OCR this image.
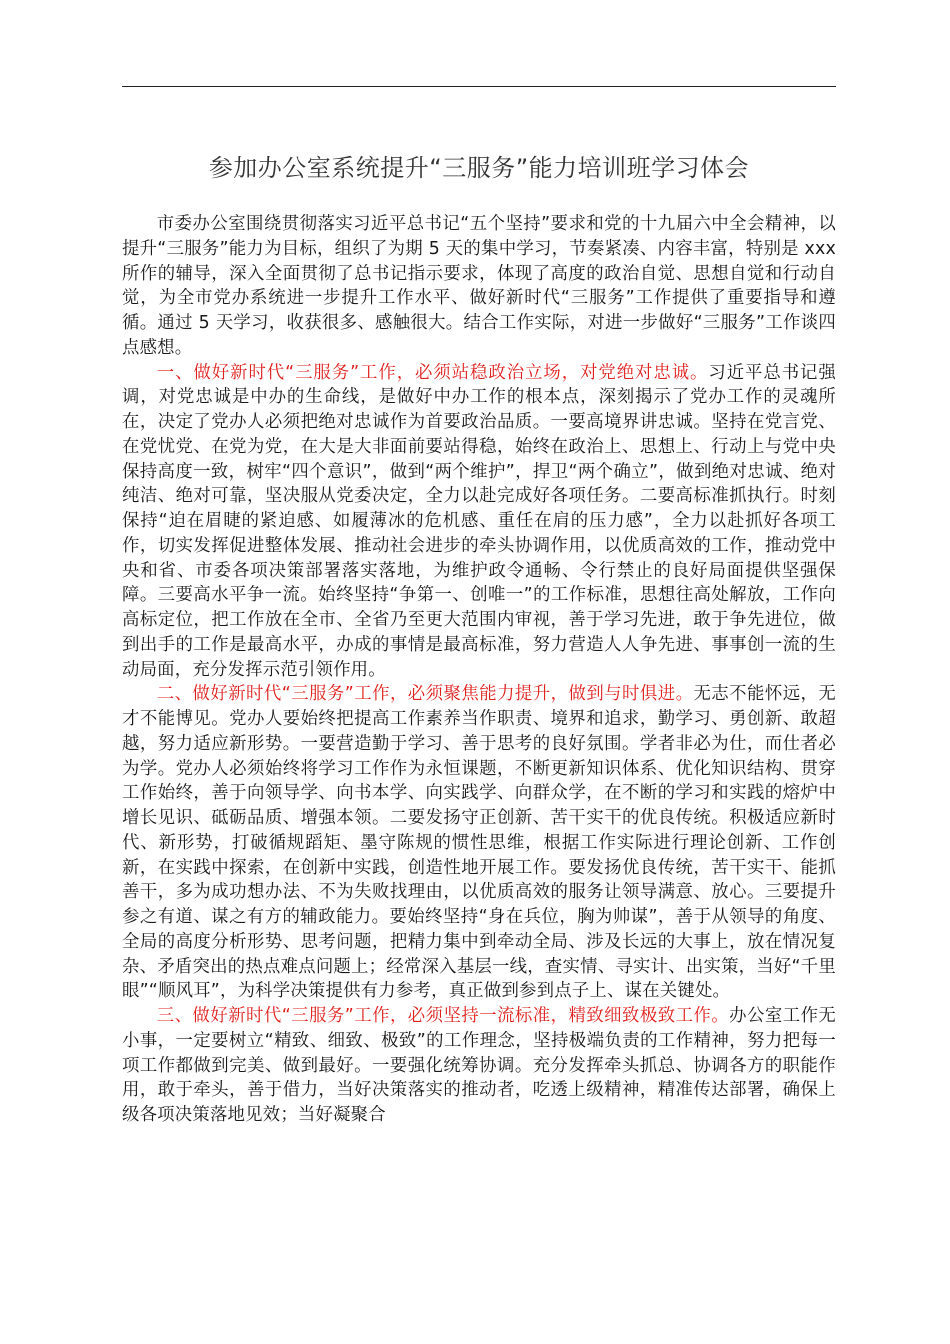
参加办公室系统提升“三服务”能力培训班学习体会

市委办公室围绕贯彻落实习近平总书记“五个坚持”要求和党的十九届六中全会精神，以提升“三服务”能力为目标，组织了为期 5 天的集中学习，节奏紧凑、内容丰富，特别是 xxx 所作的辅导，深入全面贯彻了总书记指示要求，体现了高度的政治自觉、思想自觉和行动自觉，为全市党办系统进一步提升工作水平、做好新时代“三服务”工作提供了重要指导和遵循。通过 5 天学习，收获很多、感触很大。结合工作实际，对进一步做好“三服务”工作谈四点感想。

一、做好新时代“三服务”工作，必须站稳政治立场，对党绝对忠诚。习近平总书记强调，对党忠诚是中办的生命线，是做好中办工作的根本点，深刻揭示了党办工作的灵魂所在，决定了党办人必须把绝对忠诚作为首要政治品质。一要高境界讲忠诚。坚持在党言党、在党忧党、在党为党，在大是大非面前要站得稳，始终在政治上、思想上、行动上与党中央保持高度一致，树牢“四个意识”，做到“两个维护”，捍卫“两个确立”，做到绝对忠诚、绝对纯洁、绝对可靠，坚决服从党委决定，全力以赴完成好各项任务。二要高标准抓执行。时刻保持“迫在眉睫的紧迫感、如履薄冰的危机感、重任在肩的压力感”，全力以赴抓好各项工作，切实发挥促进整体发展、推动社会进步的牵头协调作用，以优质高效的工作，推动党中央和省、市委各项决策部署落实落地，为维护政令通畅、令行禁止的良好局面提供坚强保障。三要高水平争一流。始终坚持“争第一、创唯一”的工作标准，思想往高处解放，工作向高标定位，把工作放在全市、全省乃至更大范围内审视，善于学习先进，敢于争先进位，做到出手的工作是最高水平，办成的事情是最高标准，努力营造人人争先进、事事创一流的生动局面，充分发挥示范引领作用。

二、做好新时代“三服务”工作，必须聚焦能力提升，做到与时俱进。无志不能怀远，无才不能博见。党办人要始终把提高工作素养当作职责、境界和追求，勤学习、勇创新、敢超越，努力适应新形势。一要营造勤于学习、善于思考的良好氛围。学者非必为仕，而仕者必为学。党办人必须始终将学习工作作为永恒课题，不断更新知识体系、优化知识结构、贯穿工作始终，善于向领导学、向书本学、向实践学、向群众学，在不断的学习和实践的熔炉中增长见识、砥砺品质、增强本领。二要发扬守正创新、苦干实干的优良传统。积极适应新时代、新形势，打破循规蹈矩、墨守陈规的惯性思维，根据工作实际进行理论创新、工作创新，在实践中探索，在创新中实践，创造性地开展工作。要发扬优良传统，苦干实干、能抓善干，多为成功想办法、不为失败找理由，以优质高效的服务让领导满意、放心。三要提升参之有道、谋之有方的辅政能力。要始终坚持“身在兵位，胸为帅谋”，善于从领导的角度、全局的高度分析形势、思考问题，把精力集中到牵动全局、涉及长远的大事上，放在情况复杂、矛盾突出的热点难点问题上；经常深入基层一线，查实情、寻实计、出实策，当好“千里眼”“顺风耳”，为科学决策提供有力参考，真正做到参到点子上、谋在关键处。

三、做好新时代“三服务”工作，必须坚持一流标准，精致细致极致工作。办公室工作无小事，一定要树立“精致、细致、极致”的工作理念，坚持极端负责的工作精神，努力把每一项工作都做到完美、做到最好。一要强化统筹协调。充分发挥牵头抓总、协调各方的职能作用，敢于牵头，善于借力，当好决策落实的推动者，吃透上级精神，精准传达部署，确保上级各项决策落地见效；当好凝聚合
